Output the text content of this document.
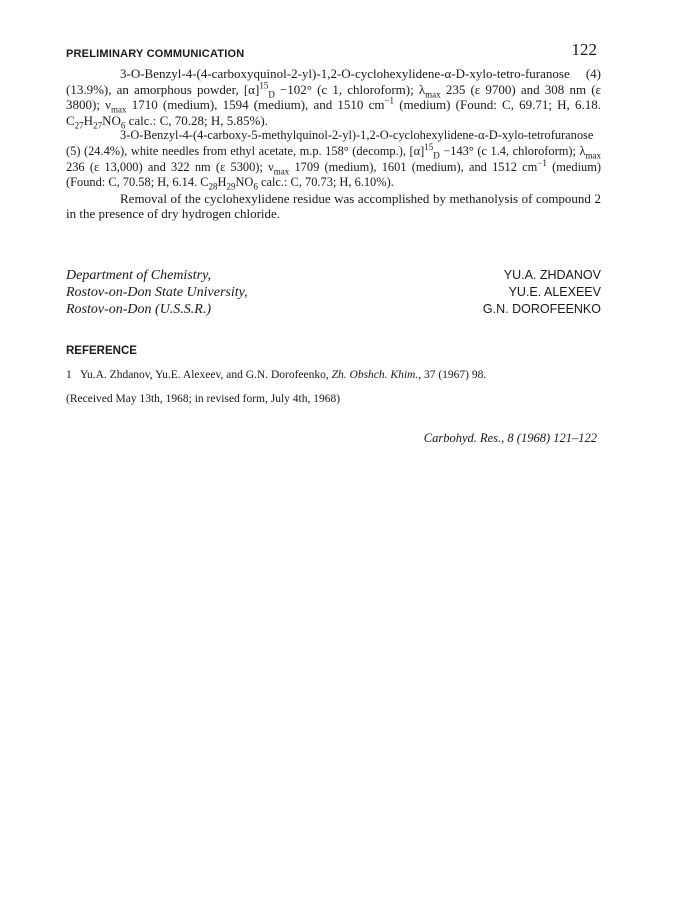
PRELIMINARY COMMUNICATION	122

3-O-Benzyl-4-(4-carboxyquinol-2-yl)-1,2-O-cyclohexylidene-α-D-xylo-tetro-furanose (4) (13.9%), an amorphous powder, $[\alpha]^{15}_D -102^\circ$ (c 1, chloroform); $\lambda_{max}$ 235 (ε 9700) and 308 nm (ε 3800); $\nu_{max}$ 1710 (medium), 1594 (medium), and 1510 $cm^{-1}$ (medium) (Found: C, 69.71; H, 6.18. $C_{27}H_{27}NO_6$ calc.: C, 70.28; H, 5.85%).

3-O-Benzyl-4-(4-carboxy-5-methylquinol-2-yl)-1,2-O-cyclohexylidene-α-D-xylo-tetrofuranose (5) (24.4%), white needles from ethyl acetate, m.p. 158° (decomp.), $[\alpha]^{15}_D -143^\circ$ (c 1.4, chloroform); $\lambda_{max}$ 236 (ε 13,000) and 322 nm (ε 5300); $\nu_{max}$ 1709 (medium), 1601 (medium), and 1512 $cm^{-1}$ (medium) (Found: C, 70.58; H, 6.14. $C_{28}H_{29}NO_6$ calc.: C, 70.73; H, 6.10%).

Removal of the cyclohexylidene residue was accomplished by methanolysis of compound 2 in the presence of dry hydrogen chloride.

Department of Chemistry,
Rostov-on-Don State University,
Rostov-on-Don (U.S.S.R.)
YU.A. ZHDANOV
YU.E. ALEXEEV
G.N. DOROFEENKO
REFERENCE
1 Yu.A. Zhdanov, Yu.E. Alexeev, and G.N. Dorofeenko, Zh. Obshch. Khim., 37 (1967) 98.
(Received May 13th, 1968; in revised form, July 4th, 1968)
Carbohyd. Res., 8 (1968) 121–122
